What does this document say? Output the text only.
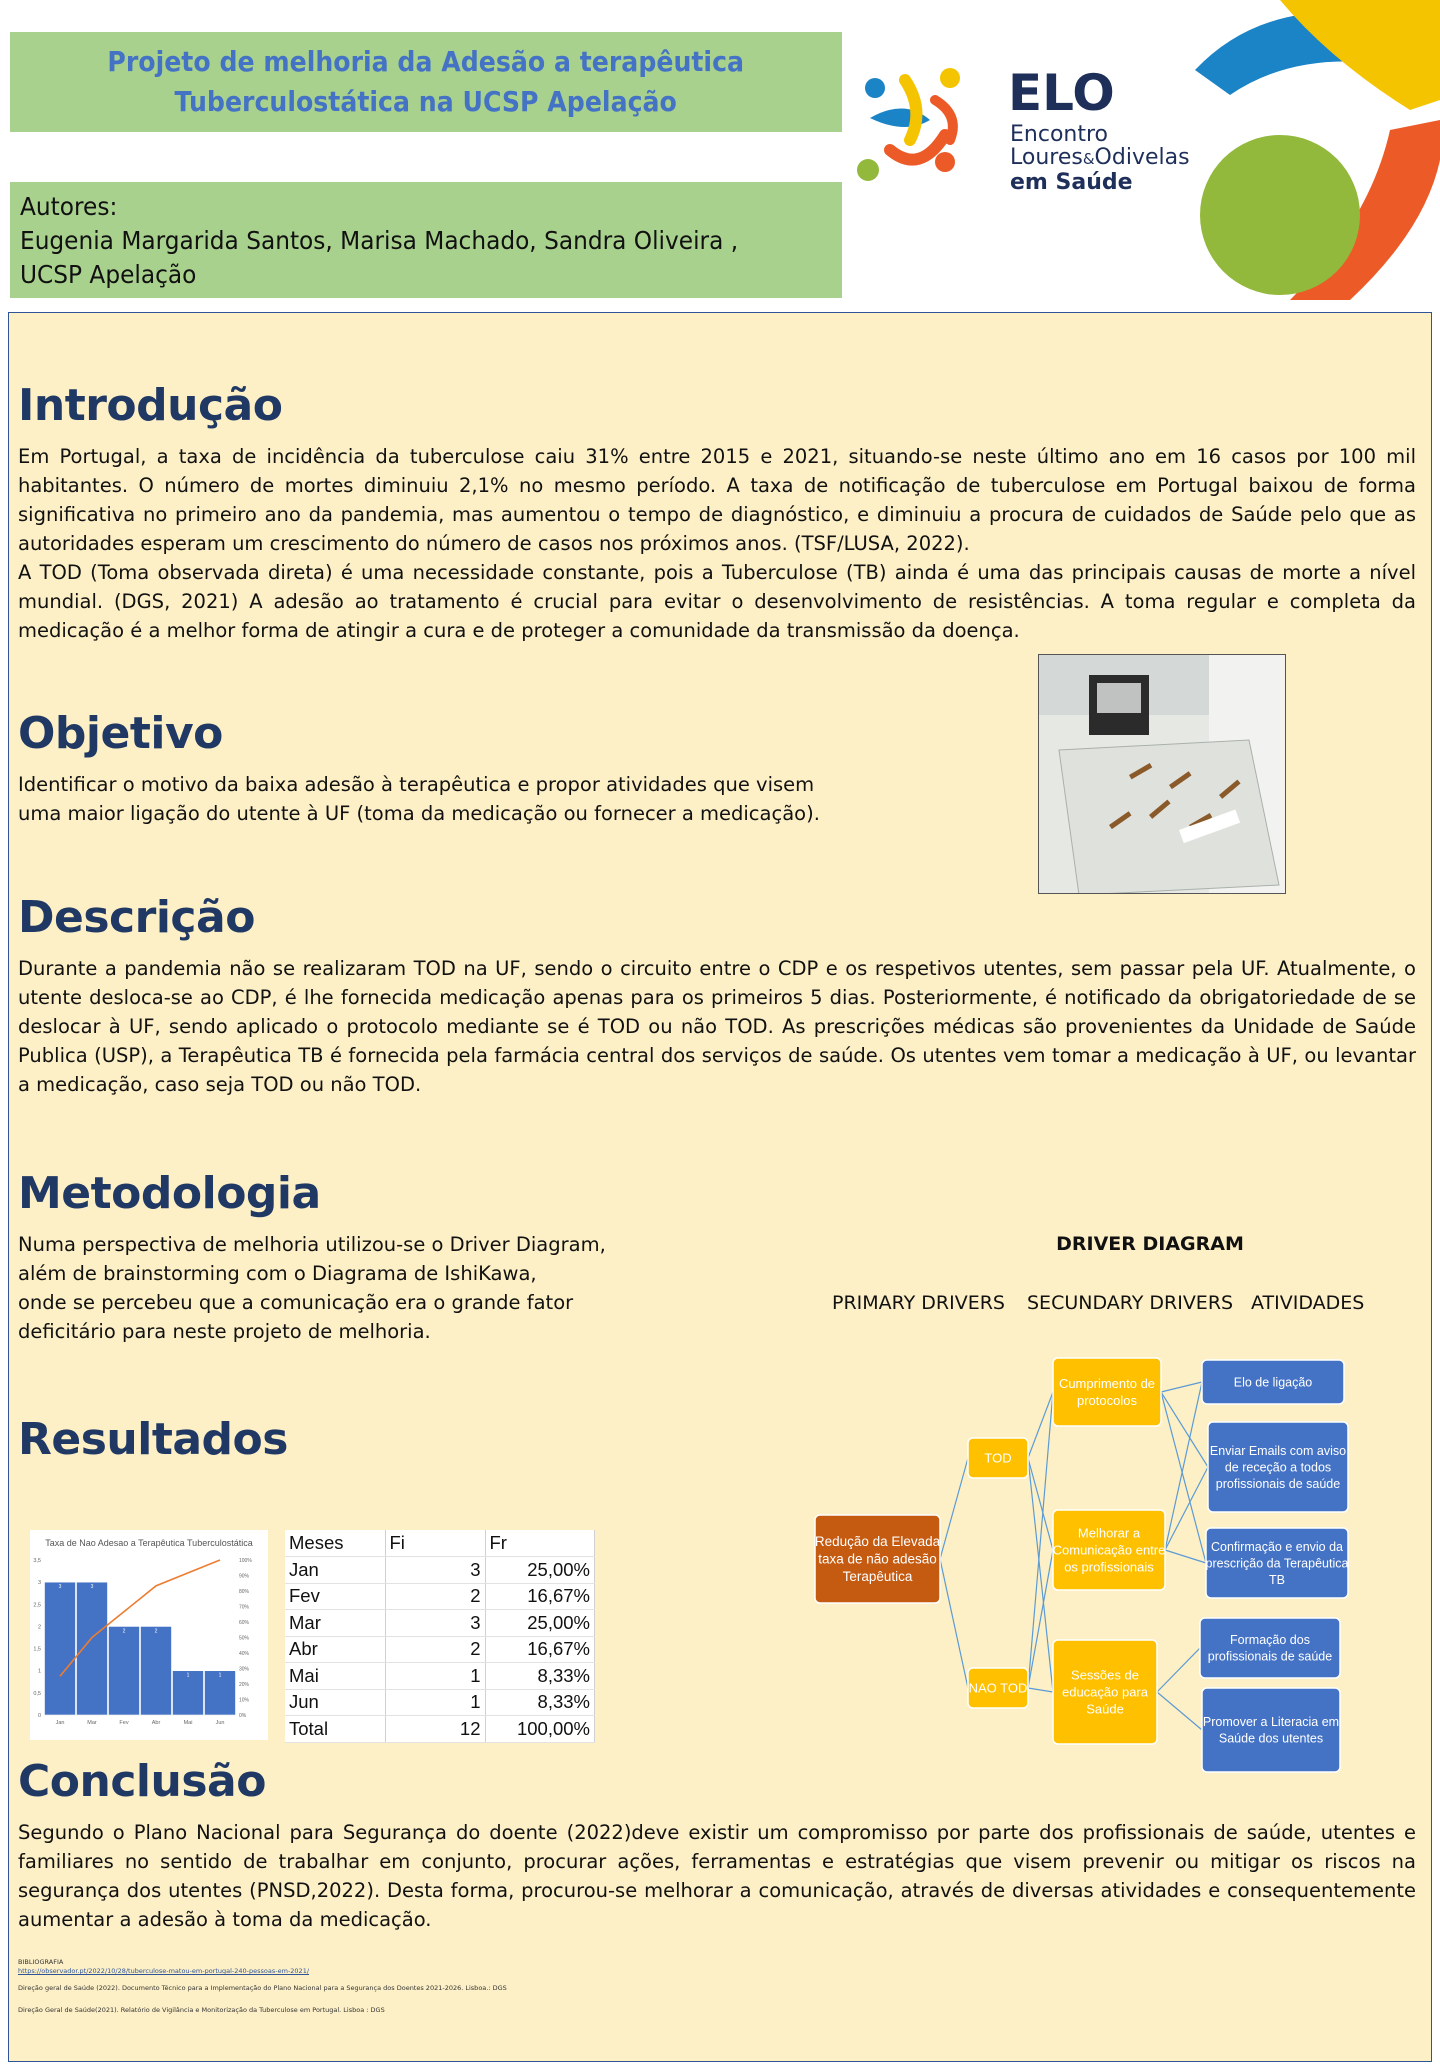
Projeto de melhoria da Adesão a terapêutica
Tuberculostática na UCSP Apelação
Autores:
Eugenia Margarida Santos, Marisa Machado, Sandra Oliveira ,
UCSP Apelação
ELO
Encontro
Loures&Odivelas
em Saúde
Introdução
Em Portugal, a taxa de incidência da tuberculose caiu 31% entre 2015 e 2021, situando-se neste último ano em 16 casos por 100 mil habitantes. O número de mortes diminuiu 2,1% no mesmo período. A taxa de notificação de tuberculose em Portugal baixou de forma significativa no primeiro ano da pandemia, mas aumentou o tempo de diagnóstico, e diminuiu a procura de cuidados de Saúde pelo que as autoridades esperam um crescimento do número de casos nos próximos anos. (TSF/LUSA, 2022).
A TOD (Toma observada direta) é uma necessidade constante, pois a Tuberculose (TB) ainda é uma das principais causas de morte a nível mundial. (DGS, 2021) A adesão ao tratamento é crucial para evitar o desenvolvimento de resistências. A toma regular e completa da medicação é a melhor forma de atingir a cura e de proteger a comunidade da transmissão da doença.
Objetivo
Identificar o motivo da baixa adesão à terapêutica e propor atividades que visem
uma maior ligação do utente à UF (toma da medicação ou fornecer a medicação).
Descrição
Durante a pandemia não se realizaram TOD na UF, sendo o circuito entre o CDP e os respetivos utentes, sem passar pela UF. Atualmente, o utente desloca-se ao CDP, é lhe fornecida medicação apenas para os primeiros 5 dias. Posteriormente, é notificado da obrigatoriedade de se deslocar à UF, sendo aplicado o protocolo mediante se é TOD ou não TOD. As prescrições médicas são provenientes da Unidade de Saúde Publica (USP), a Terapêutica TB é fornecida pela farmácia central dos serviços de saúde. Os utentes vem tomar a medicação à UF, ou levantar a medicação, caso seja TOD ou não TOD.
Metodologia
Numa perspectiva de melhoria utilizou-se o Driver Diagram,
além de brainstorming com o Diagrama de IshiKawa,
onde se percebeu que a comunicação era o grande fator
deficitário para neste projeto de melhoria.
DRIVER DIAGRAM
PRIMARY DRIVERS SECUNDARY DRIVERS ATIVIDADES
Redução da Elevada
taxa de não adesão
Terapêutica
TOD
NAO TOD
Cumprimento de
protocolos
Melhorar a
Comunicação entre
os profissionais
Sessões de
educação para
Saúde
Elo de ligação
Enviar Emails com aviso
de receção a todos
profissionais de saúde
Confirmação e envio da
prescrição da Terapêutica
TB
Formação dos
profissionais de saúde
Promover a Literacia em
Saúde dos utentes
Resultados
Taxa de Nao Adesao a Terapêutica Tuberculostática
0
0,5
1
1,5
2
2,5
3
3,5
0%
10%
20%
30%
40%
50%
60%
70%
80%
90%
100%
Jan	Mar	Fev	Abr	Mai	Jun
3	3
2	2
1	1
Meses	Fi	Fr
Jan	3	25,00%
Fev	2	16,67%
Mar	3	25,00%
Abr	2	16,67%
Mai	1	8,33%
Jun	1	8,33%
Total	12	100,00%
Conclusão
Segundo o Plano Nacional para Segurança do doente (2022)deve existir um compromisso por parte dos profissionais de saúde, utentes e familiares no sentido de trabalhar em conjunto, procurar ações, ferramentas e estratégias que visem prevenir ou mitigar os riscos na segurança dos utentes (PNSD,2022). Desta forma, procurou-se melhorar a comunicação, através de diversas atividades e consequentemente aumentar a adesão à toma da medicação.
BIBLIOGRAFIA
https://observador.pt/2022/10/28/tuberculose-matou-em-portugal-240-pessoas-em-2021/
Direção geral de Saúde (2022). Documento Técnico para a Implementação do Plano Nacional para a Segurança dos Doentes 2021-2026. Lisboa.: DGS
Direção Geral de Saúde(2021). Relatório de Vigilância e Monitorização da Tuberculose em Portugal. Lisboa : DGS
